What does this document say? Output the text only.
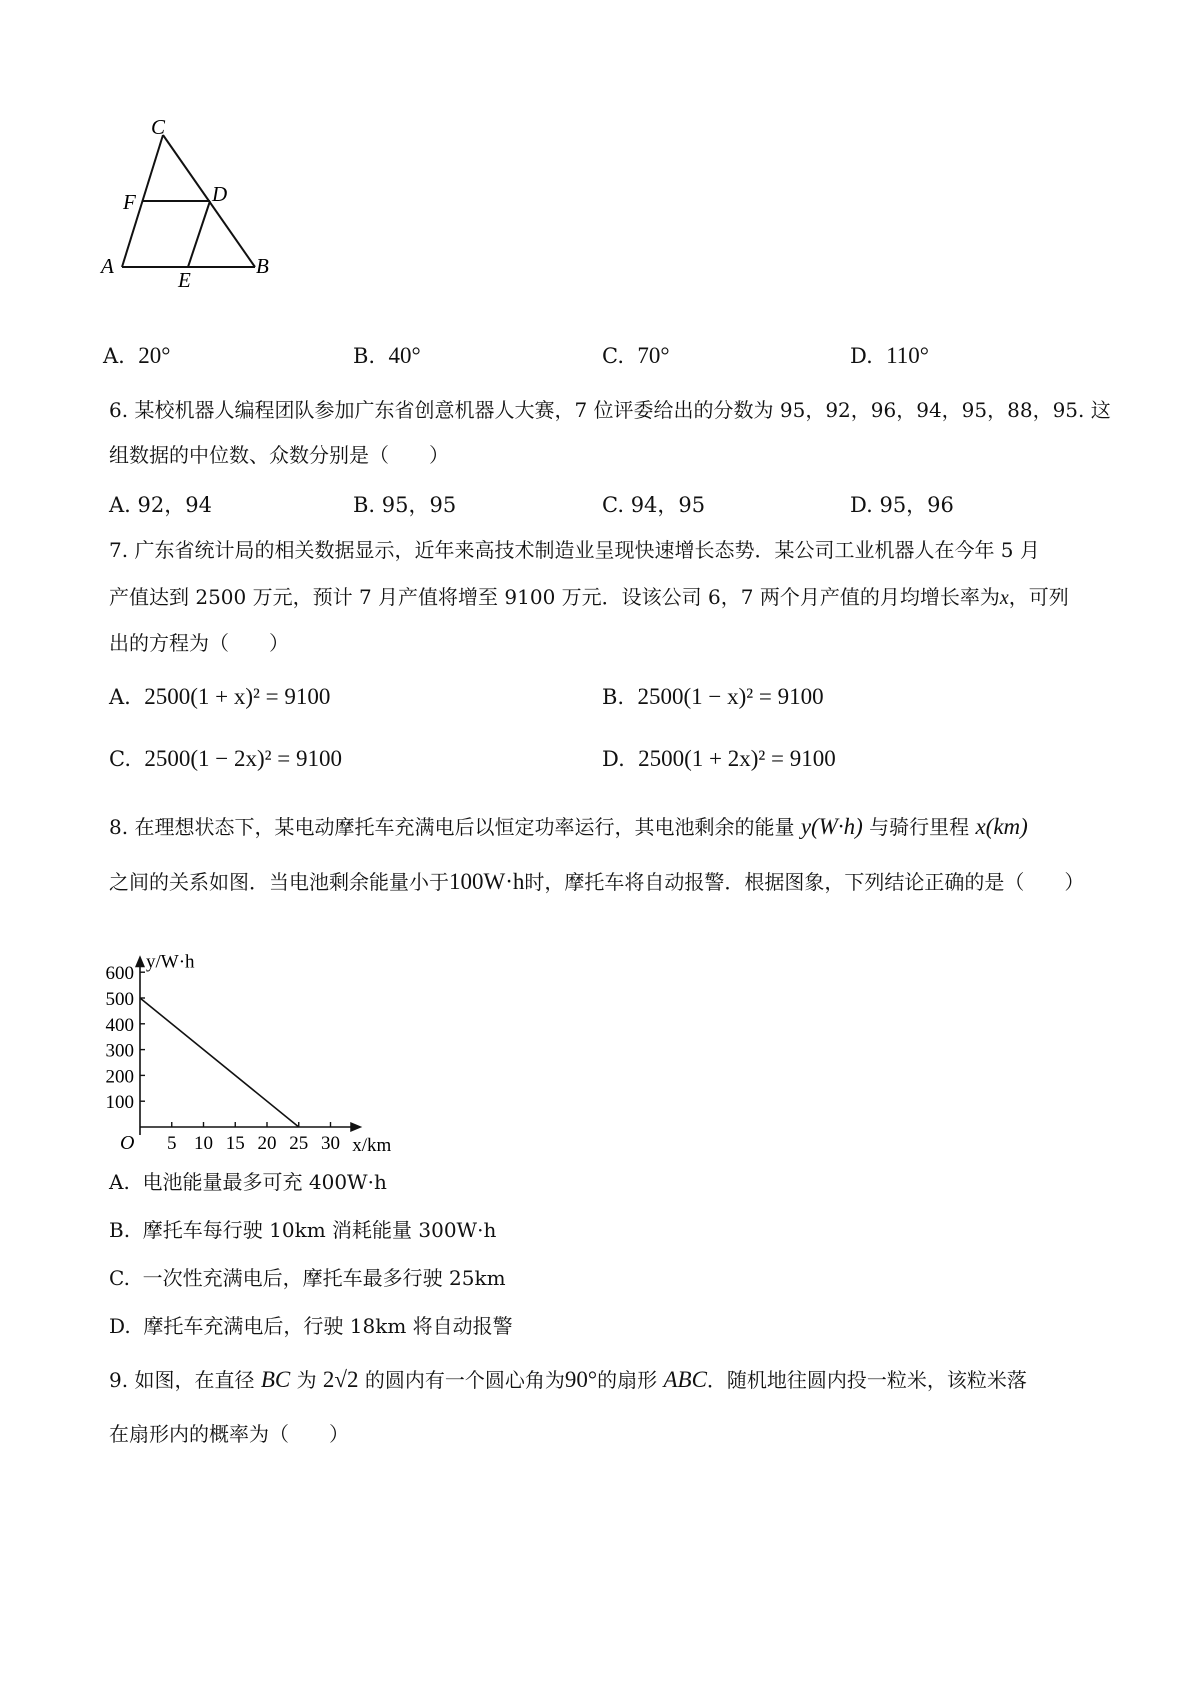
C
F	D
A
E
B
A. 20°	B. 40°	C. 70°	D. 110°
6. 某校机器人编程团队参加广东省创意机器人大赛，7 位评委给出的分数为 95，92，96，94，95，88，95. 这
组数据的中位数、众数分别是（　　）
A. 92，94	B. 95，95	C. 94，95	D. 95，96
7. 广东省统计局的相关数据显示，近年来高技术制造业呈现快速增长态势．某公司工业机器人在今年 5 月
产值达到 2500 万元，预计 7 月产值将增至 9100 万元．设该公司 6，7 两个月产值的月均增长率为x，可列
出的方程为（　　）
A. 2500(1 + x)² = 9100	B. 2500(1 − x)² = 9100
C. 2500(1 − 2x)² = 9100	D. 2500(1 + 2x)² = 9100
8. 在理想状态下，某电动摩托车充满电后以恒定功率运行，其电池剩余的能量 y(W·h) 与骑行里程 x(km)
之间的关系如图．当电池剩余能量小于100W·h时，摩托车将自动报警．根据图象，下列结论正确的是（　　）
5 10 15 20 25 30
100
200
300
400
500
600
O
y/W·h
x/km
A. 电池能量最多可充 400W·h
B. 摩托车每行驶 10km 消耗能量 300W·h
C. 一次性充满电后，摩托车最多行驶 25km
D. 摩托车充满电后，行驶 18km 将自动报警
9. 如图，在直径 BC 为 2√2 的圆内有一个圆心角为90°的扇形 ABC．随机地往圆内投一粒米，该粒米落
在扇形内的概率为（　　）
